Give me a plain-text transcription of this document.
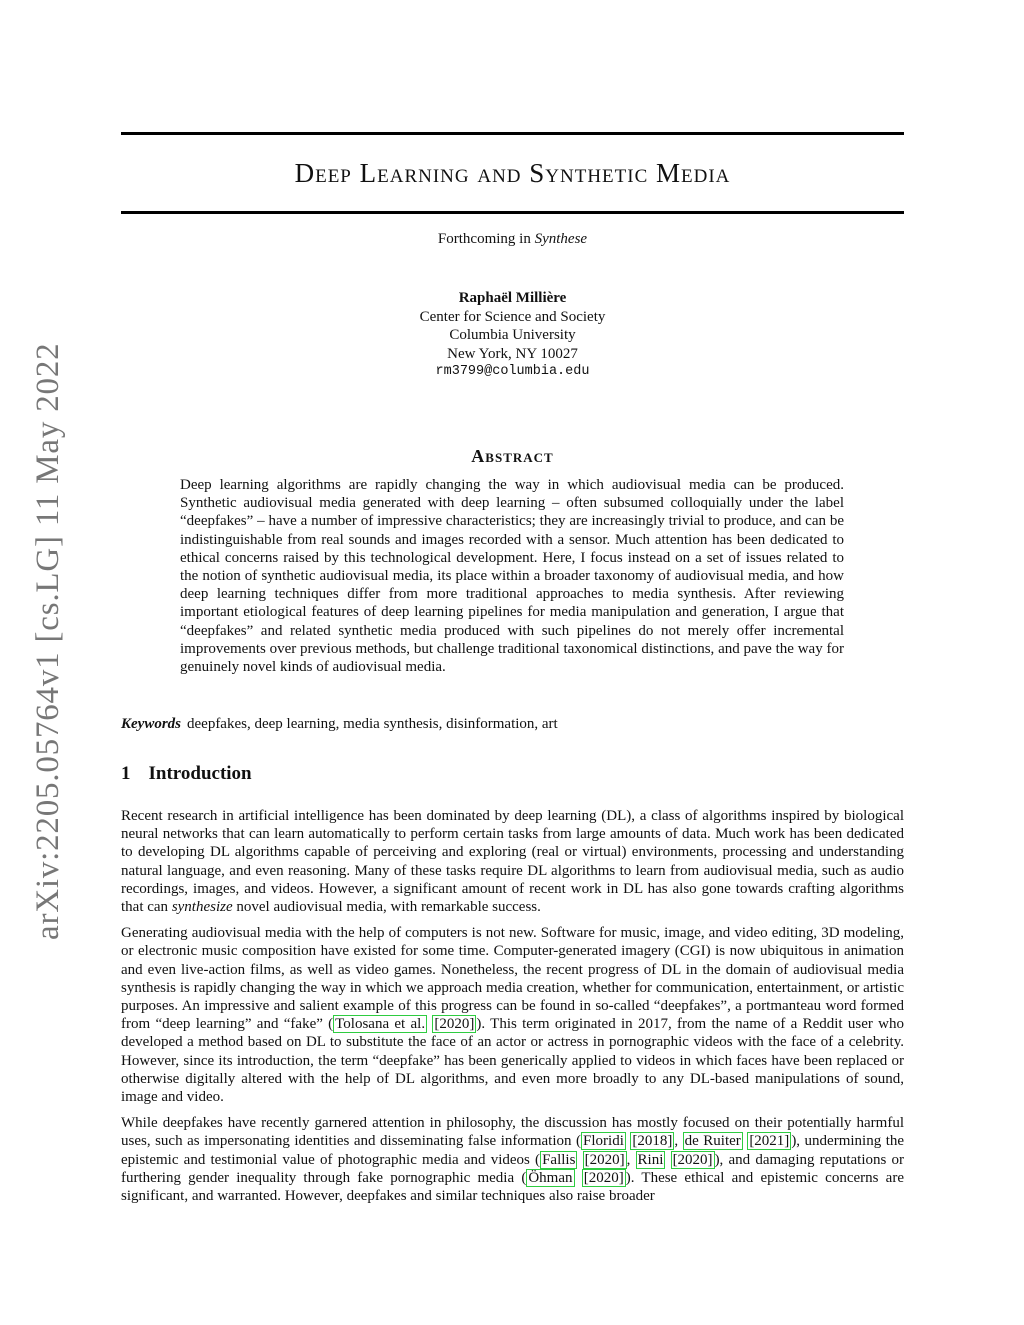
arXiv:2205.05764v1 [cs.LG] 11 May 2022
Deep Learning and Synthetic Media
Forthcoming in Synthese
Raphaël Millière
Center for Science and Society
Columbia University
New York, NY 10027
rm3799@columbia.edu
Abstract
Deep learning algorithms are rapidly changing the way in which audiovisual media can be produced. Synthetic audiovisual media generated with deep learning – often subsumed colloquially under the label “deepfakes” – have a number of impressive characteristics; they are increasingly trivial to produce, and can be indistinguishable from real sounds and images recorded with a sensor. Much attention has been dedicated to ethical concerns raised by this technological development. Here, I focus instead on a set of issues related to the notion of synthetic audiovisual media, its place within a broader taxonomy of audiovisual media, and how deep learning techniques differ from more traditional approaches to media synthesis. After reviewing important etiological features of deep learning pipelines for media manipulation and generation, I argue that “deepfakes” and related synthetic media produced with such pipelines do not merely offer incremental improvements over previous methods, but challenge traditional taxonomical distinctions, and pave the way for genuinely novel kinds of audiovisual media.
Keywords deepfakes, deep learning, media synthesis, disinformation, art
1 Introduction

Recent research in artificial intelligence has been dominated by deep learning (DL), a class of algorithms inspired by biological neural networks that can learn automatically to perform certain tasks from large amounts of data. Much work has been dedicated to developing DL algorithms capable of perceiving and exploring (real or virtual) environments, processing and understanding natural language, and even reasoning. Many of these tasks require DL algorithms to learn from audiovisual media, such as audio recordings, images, and videos. However, a significant amount of recent work in DL has also gone towards crafting algorithms that can synthesize novel audiovisual media, with remarkable success.

Generating audiovisual media with the help of computers is not new. Software for music, image, and video editing, 3D modeling, or electronic music composition have existed for some time. Computer-generated imagery (CGI) is now ubiquitous in animation and even live-action films, as well as video games. Nonetheless, the recent progress of DL in the domain of audiovisual media synthesis is rapidly changing the way in which we approach media creation, whether for communication, entertainment, or artistic purposes. An impressive and salient example of this progress can be found in so-called “deepfakes”, a portmanteau word formed from “deep learning” and “fake” ( Tolosana et al. [2020] ). This term originated in 2017, from the name of a Reddit user who developed a method based on DL to substitute the face of an actor or actress in pornographic videos with the face of a celebrity. However, since its introduction, the term “deepfake” has been generically applied to videos in which faces have been replaced or otherwise digitally altered with the help of DL algorithms, and even more broadly to any DL-based manipulations of sound, image and video.

While deepfakes have recently garnered attention in philosophy, the discussion has mostly focused on their potentially harmful uses, such as impersonating identities and disseminating false information ( Floridi [2018] , de Ruiter [2021] ), undermining the epistemic and testimonial value of photographic media and videos ( Fallis [2020] , Rini [2020] ), and damaging reputations or furthering gender inequality through fake pornographic media ( Öhman [2020] ). These ethical and epistemic concerns are significant, and warranted. However, deepfakes and similar techniques also raise broader
